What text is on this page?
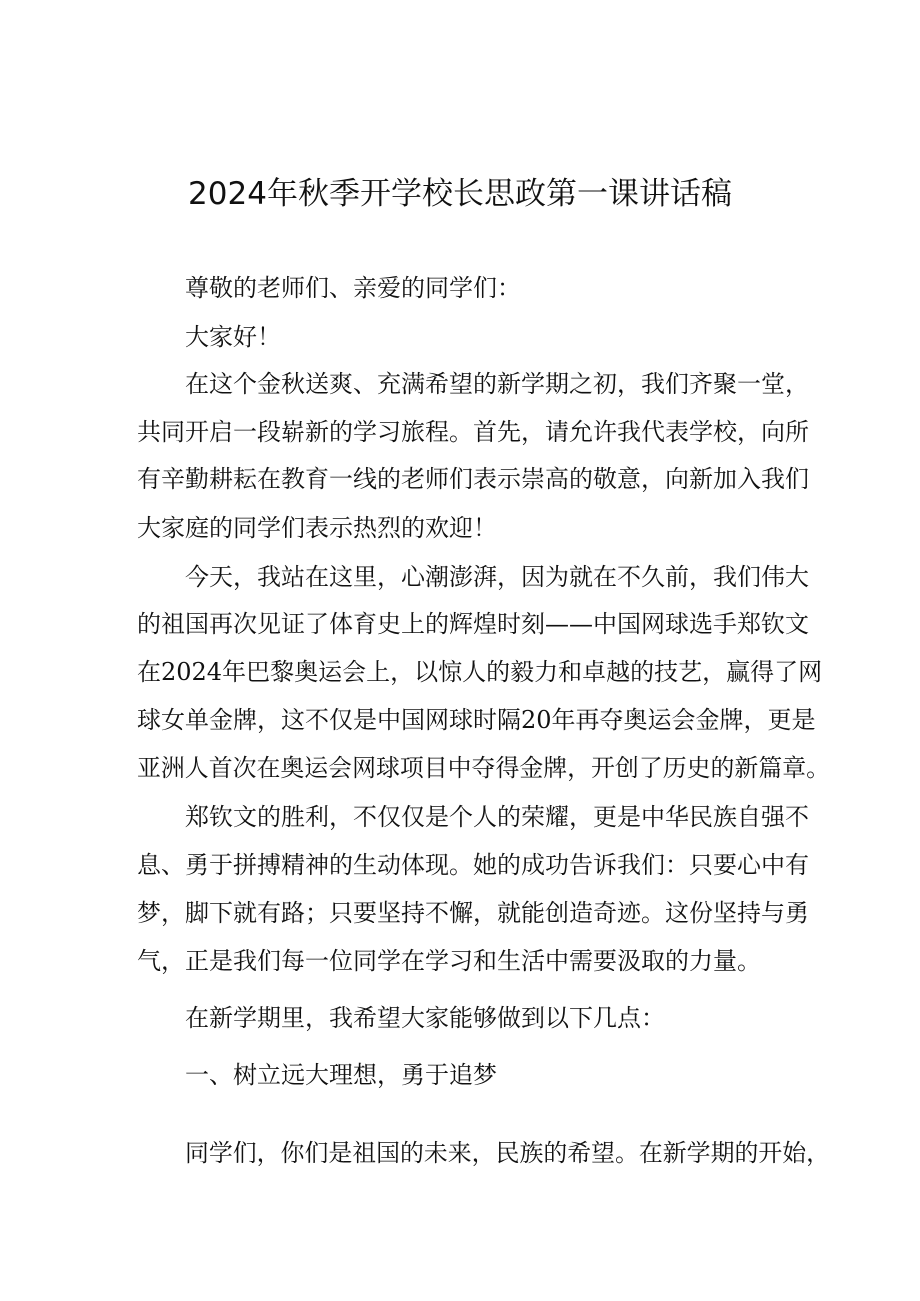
2024年秋季开学校长思政第一课讲话稿
尊敬的老师们、亲爱的同学们：
大家好！
在这个金秋送爽、充满希望的新学期之初，我们齐聚一堂，
共同开启一段崭新的学习旅程。首先，请允许我代表学校，向所
有辛勤耕耘在教育一线的老师们表示崇高的敬意，向新加入我们
大家庭的同学们表示热烈的欢迎！
今天，我站在这里，心潮澎湃，因为就在不久前，我们伟大
的祖国再次见证了体育史上的辉煌时刻——中国网球选手郑钦文
在2024年巴黎奥运会上，以惊人的毅力和卓越的技艺，赢得了网
球女单金牌，这不仅是中国网球时隔20年再夺奥运会金牌，更是
亚洲人首次在奥运会网球项目中夺得金牌，开创了历史的新篇章。
郑钦文的胜利，不仅仅是个人的荣耀，更是中华民族自强不
息、勇于拼搏精神的生动体现。她的成功告诉我们：只要心中有
梦，脚下就有路；只要坚持不懈，就能创造奇迹。这份坚持与勇
气，正是我们每一位同学在学习和生活中需要汲取的力量。
在新学期里，我希望大家能够做到以下几点：
一、树立远大理想，勇于追梦
同学们，你们是祖国的未来，民族的希望。在新学期的开始，
